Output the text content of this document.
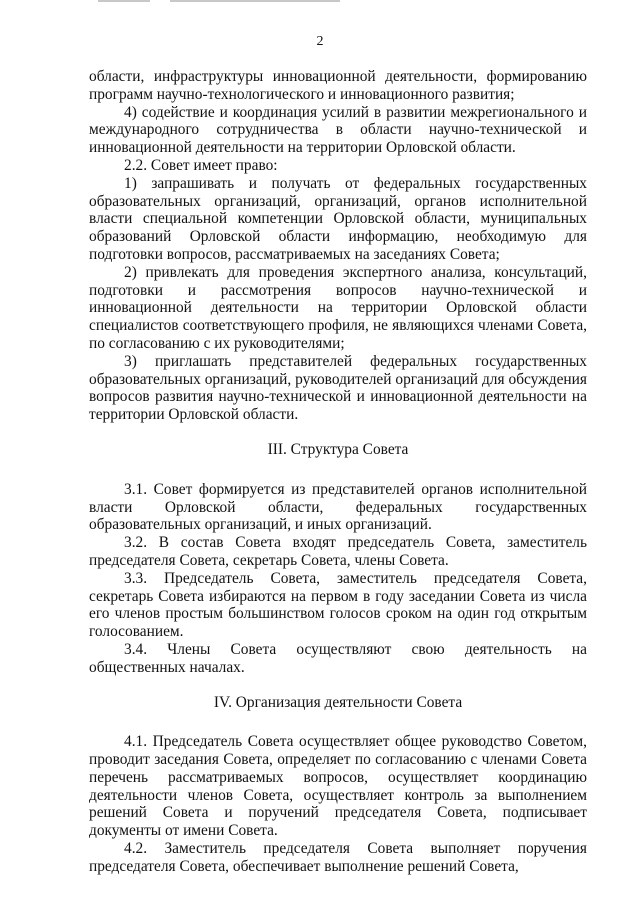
2

области, инфраструктуры инновационной деятельности, формированию программ научно-технологического и инновационного развития;

4) содействие и координация усилий в развитии межрегионального и международного сотрудничества в области научно-технической и инновационной деятельности на территории Орловской области.

2.2. Совет имеет право:

1) запрашивать и получать от федеральных государственных образовательных организаций, организаций, органов исполнительной власти специальной компетенции Орловской области, муниципальных образований Орловской области информацию, необходимую для подготовки вопросов, рассматриваемых на заседаниях Совета;

2) привлекать для проведения экспертного анализа, консультаций, подготовки и рассмотрения вопросов научно-технической и инновационной деятельности на территории Орловской области специалистов соответствующего профиля, не являющихся членами Совета, по согласованию с их руководителями;

3) приглашать представителей федеральных государственных образовательных организаций, руководителей организаций для обсуждения вопросов развития научно-технической и инновационной деятельности на территории Орловской области.

III. Структура Совета

3.1. Совет формируется из представителей органов исполнительной власти Орловской области, федеральных государственных образовательных организаций, и иных организаций.

3.2. В состав Совета входят председатель Совета, заместитель председателя Совета, секретарь Совета, члены Совета.

3.3. Председатель Совета, заместитель председателя Совета, секретарь Совета избираются на первом в году заседании Совета из числа его членов простым большинством голосов сроком на один год открытым голосованием.

3.4. Члены Совета осуществляют свою деятельность на общественных началах.

IV. Организация деятельности Совета

4.1. Председатель Совета осуществляет общее руководство Советом, проводит заседания Совета, определяет по согласованию с членами Совета перечень рассматриваемых вопросов, осуществляет координацию деятельности членов Совета, осуществляет контроль за выполнением решений Совета и поручений председателя Совета, подписывает документы от имени Совета.

4.2. Заместитель председателя Совета выполняет поручения председателя Совета, обеспечивает выполнение решений Совета,
